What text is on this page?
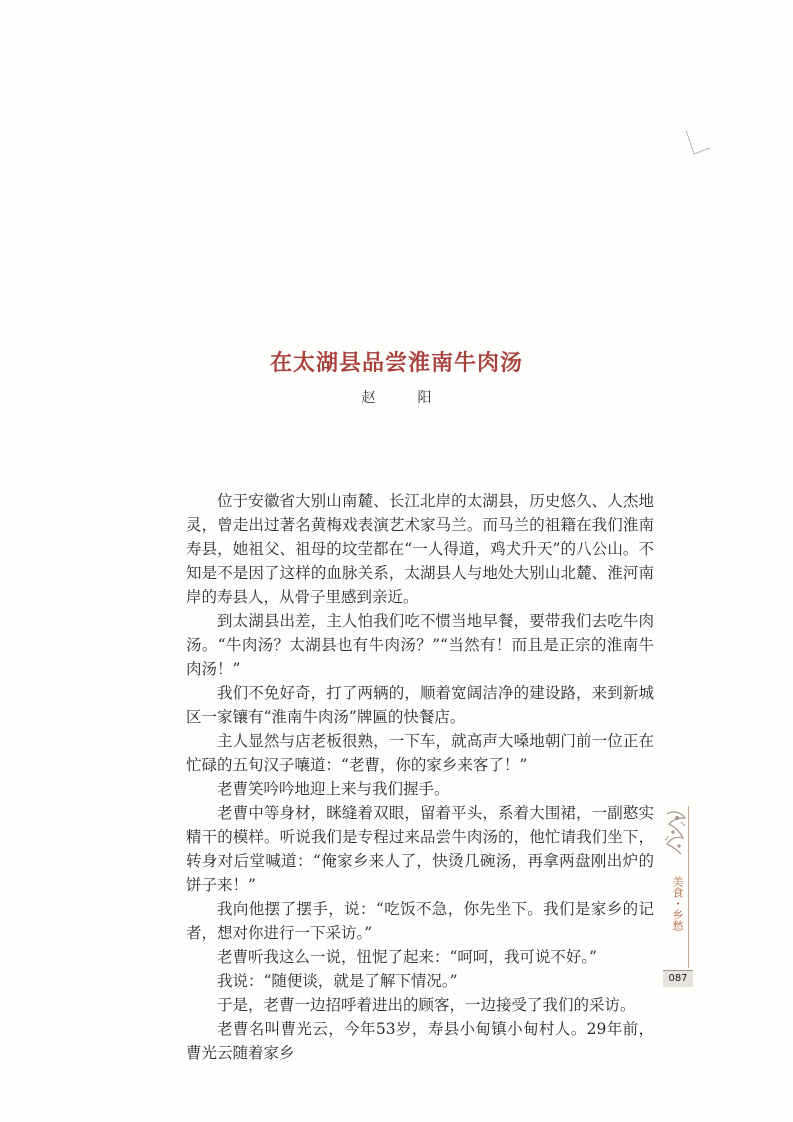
在太湖县品尝淮南牛肉汤
赵　阳

位于安徽省大别山南麓、长江北岸的太湖县，历史悠久、人杰地灵，曾走出过著名黄梅戏表演艺术家马兰。而马兰的祖籍在我们淮南寿县，她祖父、祖母的坟茔都在“一人得道，鸡犬升天”的八公山。不知是不是因了这样的血脉关系，太湖县人与地处大别山北麓、淮河南岸的寿县人，从骨子里感到亲近。

到太湖县出差，主人怕我们吃不惯当地早餐，要带我们去吃牛肉汤。“牛肉汤？太湖县也有牛肉汤？”“当然有！而且是正宗的淮南牛肉汤！”

我们不免好奇，打了两辆的，顺着宽阔洁净的建设路，来到新城区一家镶有“淮南牛肉汤”牌匾的快餐店。

主人显然与店老板很熟，一下车，就高声大嗓地朝门前一位正在忙碌的五旬汉子嚷道：“老曹，你的家乡来客了！”

老曹笑吟吟地迎上来与我们握手。

老曹中等身材，眯缝着双眼，留着平头，系着大围裙，一副憨实精干的模样。听说我们是专程过来品尝牛肉汤的，他忙请我们坐下，转身对后堂喊道：“俺家乡来人了，快烫几碗汤，再拿两盘刚出炉的饼子来！”

我向他摆了摆手，说：“吃饭不急，你先坐下。我们是家乡的记者，想对你进行一下采访。”

老曹听我这么一说，忸怩了起来：“呵呵，我可说不好。”

我说：“随便谈，就是了解下情况。”

于是，老曹一边招呼着进出的顾客，一边接受了我们的采访。

老曹名叫曹光云，今年53岁，寿县小甸镇小甸村人。29年前，曹光云随着家乡

美食・乡愁
087
